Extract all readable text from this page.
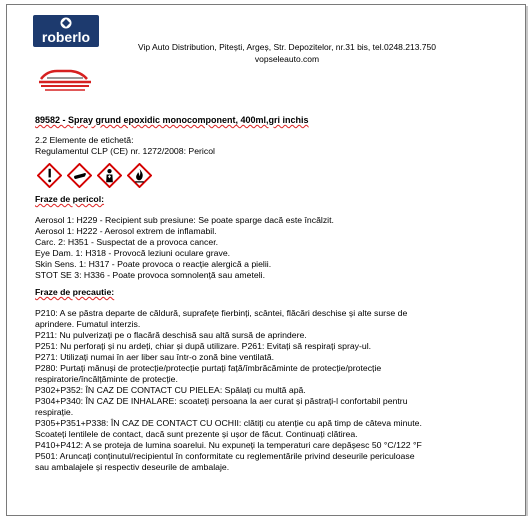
roberlo
Vip Auto Distribution, Pitești, Argeș, Str. Depozitelor, nr.31 bis, tel.0248.213.750
vopseleauto.com
89582 - Spray grund epoxidic monocomponent, 400ml,gri inchis
2.2 Elemente de etichetă:
Regulamentul CLP (CE) nr. 1272/2008: Pericol
Fraze de pericol:
Aerosol 1: H229 - Recipient sub presiune: Se poate sparge dacă este încălzit.
Aerosol 1: H222 - Aerosol extrem de inflamabil.
Carc. 2: H351 - Suspectat de a provoca cancer.
Eye Dam. 1: H318 - Provocă leziuni oculare grave.
Skin Sens. 1: H317 - Poate provoca o reacție alergică a pielii.
STOT SE 3: H336 - Poate provoca somnolență sau ameteli.
Fraze de precautie:
P210: A se păstra departe de căldură, suprafețe fierbinți, scântei, flăcări deschise și alte surse de
aprindere. Fumatul interzis.
P211: Nu pulverizați pe o flacără deschisă sau altă sursă de aprindere.
P251: Nu perforați și nu ardeți, chiar și după utilizare. P261: Evitați să respirați spray-ul.
P271: Utilizați numai în aer liber sau într-o zonă bine ventilată.
P280: Purtați mănuși de protecție/protecție purtați față/îmbrăcăminte de protecție/protecție
respiratorie/încălțăminte de protecție.
P302+P352: ÎN CAZ DE CONTACT CU PIELEA: Spălați cu multă apă.
P304+P340: ÎN CAZ DE INHALARE: scoateți persoana la aer curat și păstrați-l confortabil pentru
respirație.
P305+P351+P338: ÎN CAZ DE CONTACT CU OCHII: clătiți cu atenție cu apă timp de câteva minute.
Scoateți lentilele de contact, dacă sunt prezente și ușor de făcut. Continuați clătirea.
P410+P412: A se proteja de lumina soarelui. Nu expuneți la temperaturi care depășesc 50 °C/122 °F
P501: Aruncați conținutul/recipientul în conformitate cu reglementările privind deseurile periculoase
sau ambalajele și respectiv deseurile de ambalaje.
